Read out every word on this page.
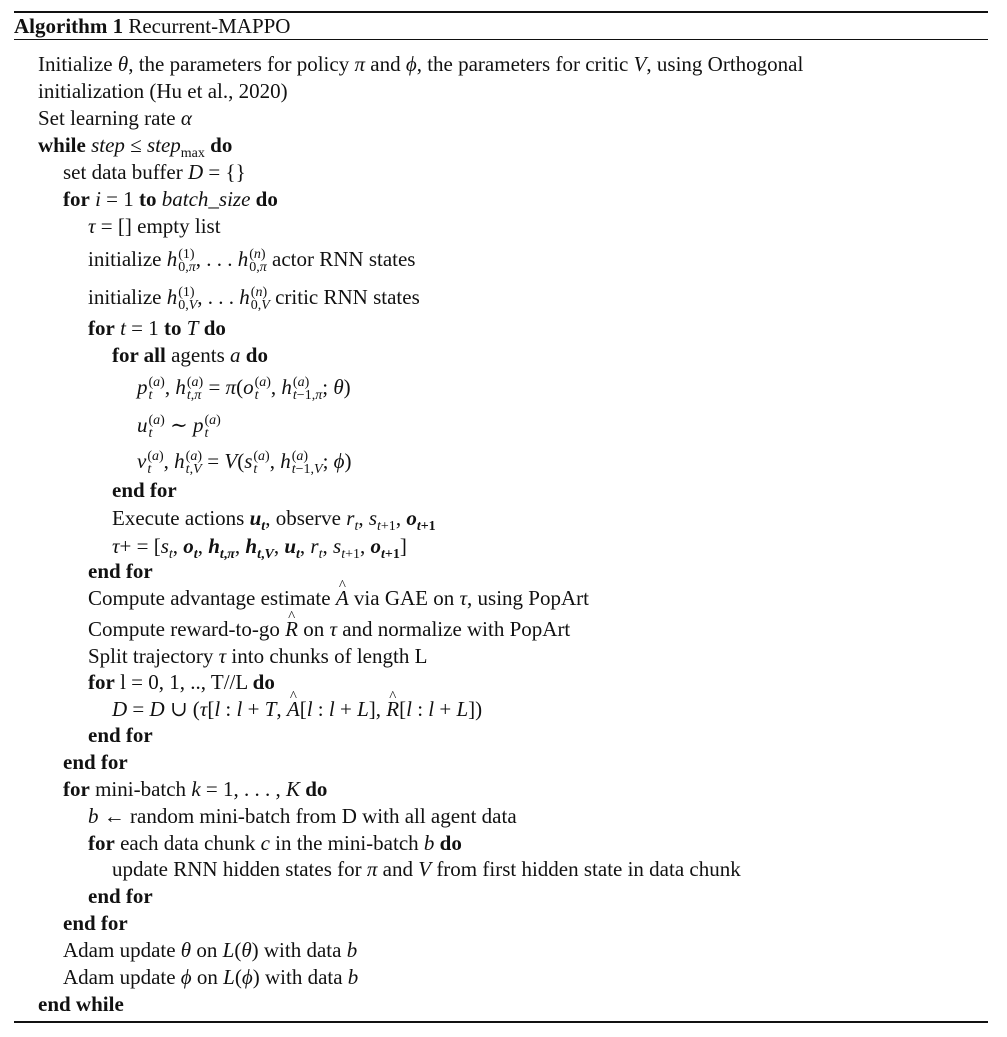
Algorithm 1 Recurrent-MAPPO
Initialize θ, the parameters for policy π and ϕ, the parameters for critic V, using Orthogonal
initialization (Hu et al., 2020)
Set learning rate α
while step ≤ step$_{max}$ do
set data buffer D = {}
for i = 1 to batch_size do
τ = [] empty list
initialize h (1)
0,π , . . . h (n)
0,π actor RNN states
initialize h (1)
0,V , . . . h (n)
0,V critic RNN states
for t = 1 to T do
for all agents a do
p (a)
t , h (a)
t,π = π(o (a)
t , h (a)
t−1,π ; θ)
u (a)
t ∼ p (a)
t
v (a)
t , h (a)
t,V = V(s (a)
t , h (a)
t−1,V ; ϕ)
end for
Execute actions $u_t$, observe $r_t$, $s_{t+1}$, $o_{t+1}$
$\tau+ = [s_t$, $o_t$, $h_{t,\pi}$, $h_{t,V}$, $u_t$, $r_t$, $s_{t+1}$, $o_{t+1}$]
end for
Compute advantage estimate ^ A via GAE on τ, using PopArt
Compute reward-to-go ^ R on τ and normalize with PopArt
Split trajectory τ into chunks of length L
for l = 0, 1, .., T//L do
D = D ∪ (τ[l : l + T, ^ A[l : l + L], ^ R[l : l + L])
end for
end for
for mini-batch k = 1, . . . , K do
b ← random mini-batch from D with all agent data
for each data chunk c in the mini-batch b do
update RNN hidden states for π and V from first hidden state in data chunk
end for
end for
Adam update θ on L(θ) with data b
Adam update ϕ on L(ϕ) with data b
end while
